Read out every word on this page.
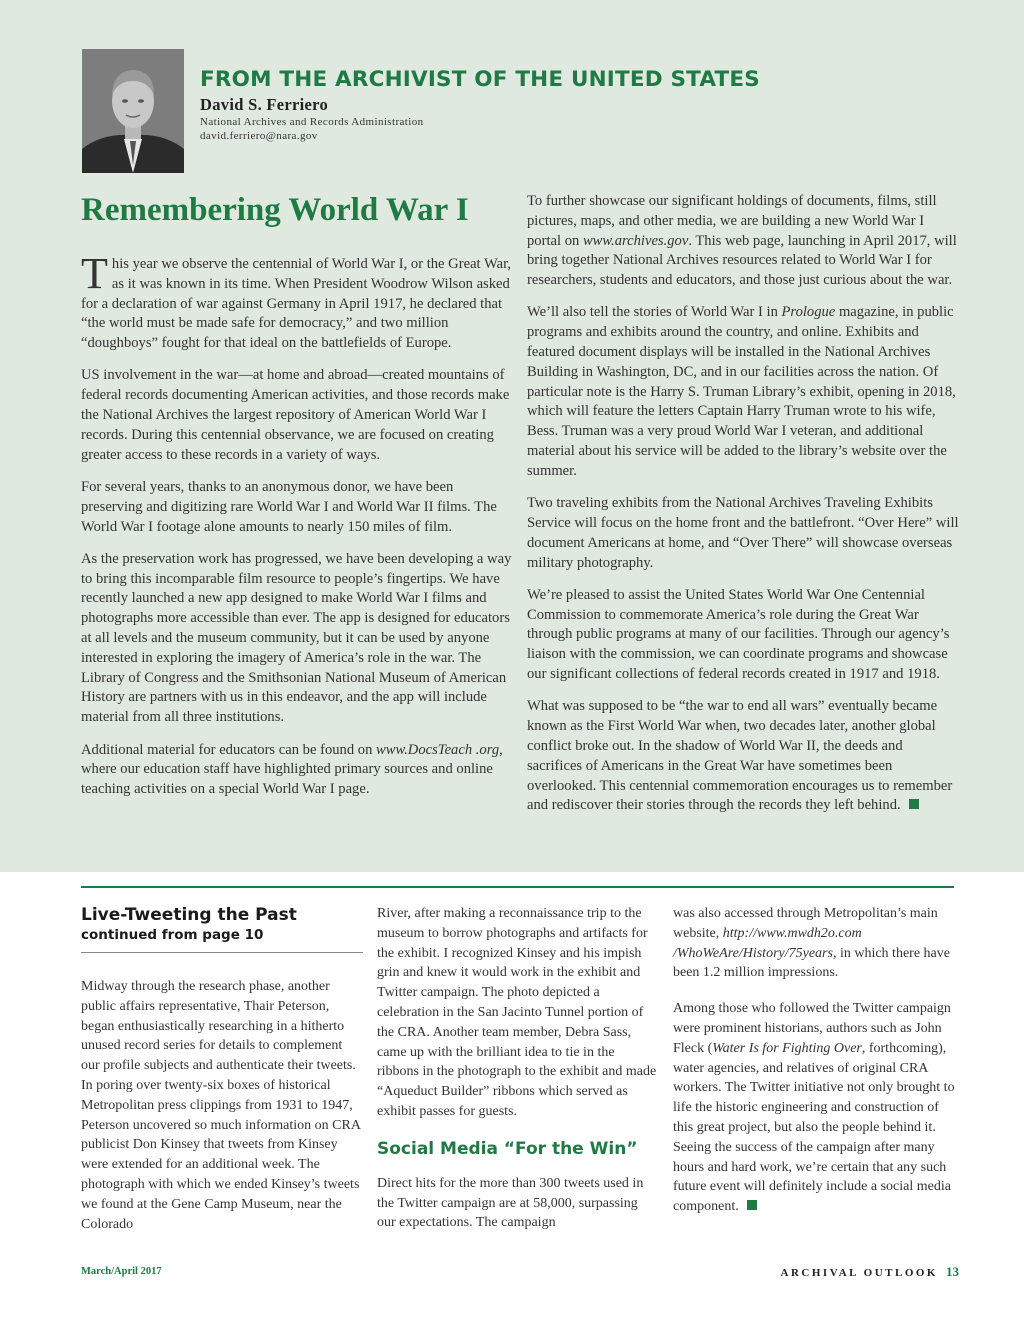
FROM THE ARCHIVIST OF THE UNITED STATES
David S. Ferriero
National Archives and Records Administration
david.ferriero@nara.gov
Remembering World War I

This year we observe the centennial of World War I, or the Great War, as it was known in its time. When President Woodrow Wilson asked for a declaration of war against Germany in April 1917, he declared that “the world must be made safe for democracy,” and two million “doughboys” fought for that ideal on the battlefields of Europe.

US involvement in the war—at home and abroad—created mountains of federal records documenting American activities, and those records make the National Archives the largest repository of American World War I records. During this centennial observance, we are focused on creating greater access to these records in a variety of ways.

For several years, thanks to an anonymous donor, we have been preserving and digitizing rare World War I and World War II films. The World War I footage alone amounts to nearly 150 miles of film.

As the preservation work has progressed, we have been developing a way to bring this incomparable film resource to people’s fingertips. We have recently launched a new app designed to make World War I films and photographs more accessible than ever. The app is designed for educators at all levels and the museum community, but it can be used by anyone interested in exploring the imagery of America’s role in the war. The Library of Congress and the Smithsonian National Museum of American History are partners with us in this endeavor, and the app will include material from all three institutions.

Additional material for educators can be found on www.DocsTeach .org, where our education staff have highlighted primary sources and online teaching activities on a special World War I page.

To further showcase our significant holdings of documents, films, still pictures, maps, and other media, we are building a new World War I portal on www.archives.gov. This web page, launching in April 2017, will bring together National Archives resources related to World War I for researchers, students and educators, and those just curious about the war.

We’ll also tell the stories of World War I in Prologue magazine, in public programs and exhibits around the country, and online. Exhibits and featured document displays will be installed in the National Archives Building in Washington, DC, and in our facilities across the nation. Of particular note is the Harry S. Truman Library’s exhibit, opening in 2018, which will feature the letters Captain Harry Truman wrote to his wife, Bess. Truman was a very proud World War I veteran, and additional material about his service will be added to the library’s website over the summer.

Two traveling exhibits from the National Archives Traveling Exhibits Service will focus on the home front and the battlefront. “Over Here” will document Americans at home, and “Over There” will showcase overseas military photography.

We’re pleased to assist the United States World War One Centennial Commission to commemorate America’s role during the Great War through public programs at many of our facilities. Through our agency’s liaison with the commission, we can coordinate programs and showcase our significant collections of federal records created in 1917 and 1918.

What was supposed to be “the war to end all wars” eventually became known as the First World War when, two decades later, another global conflict broke out. In the shadow of World War II, the deeds and sacrifices of Americans in the Great War have sometimes been overlooked. This centennial commemoration encourages us to remember and rediscover their stories through the records they left behind.

Live-Tweeting the Past
continued from page 10

Midway through the research phase, another public affairs representative, Thair Peterson, began enthusiastically researching in a hitherto unused record series for details to complement our profile subjects and authenticate their tweets. In poring over twenty-six boxes of historical Metropolitan press clippings from 1931 to 1947, Peterson uncovered so much information on CRA publicist Don Kinsey that tweets from Kinsey were extended for an additional week. The photograph with which we ended Kinsey’s tweets we found at the Gene Camp Museum, near the Colorado

River, after making a reconnaissance trip to the museum to borrow photographs and artifacts for the exhibit. I recognized Kinsey and his impish grin and knew it would work in the exhibit and Twitter campaign. The photo depicted a celebration in the San Jacinto Tunnel portion of the CRA. Another team member, Debra Sass, came up with the brilliant idea to tie in the ribbons in the photograph to the exhibit and made “Aqueduct Builder” ribbons which served as exhibit passes for guests.

Social Media “For the Win”

Direct hits for the more than 300 tweets used in the Twitter campaign are at 58,000, surpassing our expectations. The campaign

was also accessed through Metropolitan’s main website, http://www.mwdh2o.com /WhoWeAre/History/75years, in which there have been 1.2 million impressions.

Among those who followed the Twitter campaign were prominent historians, authors such as John Fleck (Water Is for Fighting Over, forthcoming), water agencies, and relatives of original CRA workers. The Twitter initiative not only brought to life the historic engineering and construction of this great project, but also the people behind it. Seeing the success of the campaign after many hours and hard work, we’re certain that any such future event will definitely include a social media component.

March/April 2017	ARCHIVAL OUTLOOK 13
